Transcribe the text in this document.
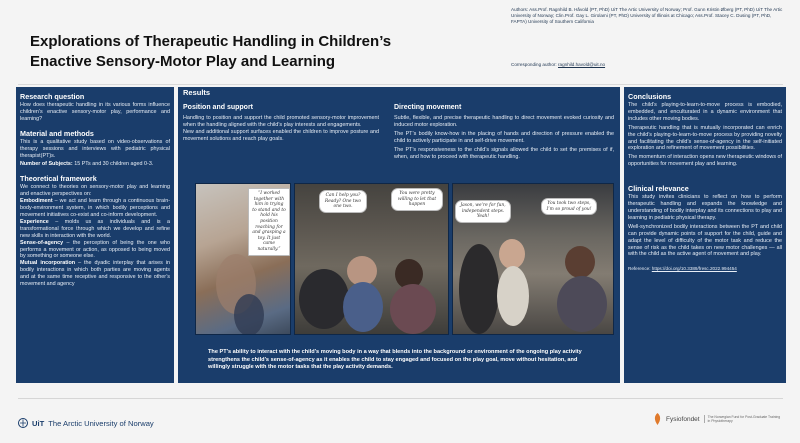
Explorations of Therapeutic Handling in Children’s
Enactive Sensory-Motor Play and Learning
Authors: Ass.Prof. Ragnhild B. Håvold (PT, PhD) UiT The Artic University of Norway; Prof. Gunn Kristin Øberg (PT, PhD) UiT The Artic University of Norway; Clin.Prof. Gay L. Girolami (PT, PhD) University of Illinois at Chicago; Ass.Prof. Stacey C. Dusing (PT, PhD, FAPTA) University of Southern California
Corresponding author: ragnhild.havold@uit.no
Research question
How does therapeutic handling in its various forms influence children’s enactive sensory-motor play, performance and learning?
Material and methods
This is a qualitative study based on video-observations of therapy sessions and interviews with pediatric physical therapist(PT)s.
Number of Subjects: 15 PTs and 30 children aged 0-3.
Theoretical framework
We connect to theories on sensory-motor play and learning and enactive perspectives on:
Embodiment – we act and learn through a continuous brain-body-environment system, in which bodily perceptions and movement initiatives co-exist and co-inform development.
Experience – molds us as individuals and is a transformational force through which we develop and refine new skills in interaction with the world.
Sense-of-agency – the perception of being the one who performs a movement or action, as opposed to being moved by something or someone else.
Mutual incorporation – the dyadic interplay that arises in bodily interactions in which both parties are moving agents and at the same time receptive and responsive to the other’s movement and agency
Results
Position and support
Handling to position and support the child promoted sensory-motor improvement when the handling aligned with the child’s play interests and engagements.
New and additional support surfaces enabled the children to improve posture and movement solutions and reach play goals.
Directing movement
Subtle, flexible, and precise therapeutic handling to direct movement evoked curiosity and induced motor exploration.
The PT’s bodily know-how in the placing of hands and direction of pressure enabled the child to actively participate in and self-drive movement.
The PT’s responsiveness to the child’s signals allowed the child to set the premises of if, when, and how to proceed with therapeutic handling.
“I worked together with him in trying to stand and to hold his position reaching for and grasping a toy. It just came naturally.”
Can I help you? Ready? One two one two.
You were pretty willing to let that happen	Jason, we’re for fun, independent steps. Yeah!
You took two steps, I’m so proud of you!
The PT’s ability to interact with the child’s moving body in a way that blends into the background or environment of the ongoing play activity strengthens the child’s sense-of-agency as it enables the child to stay engaged and focused on the play goal, move without hesitation, and willingly struggle with the motor tasks that the play activity demands.
Conclusions
The child’s playing-to-learn-to-move process is embodied, embedded, and enculturated in a dynamic environment that includes other moving bodies.
Therapeutic handling that is mutually incorporated can enrich the child’s playing-to-learn-to-move process by providing novelty and facilitating the child’s sense-of-agency in the self-initiated exploration and refinement of movement possibilities.
The momentum of interaction opens new therapeutic windows of opportunities for movement play and learning.
Clinical relevance
This study invites clinicians to reflect on how to perform therapeutic handling and expands the knowledge and understanding of bodily interplay and its connections to play and learning in pediatric physical therapy.
Well-synchronized bodily interactions between the PT and child can provide dynamic points of support for the child, guide and adapt the level of difficulty of the motor task and reduce the sense of risk as the child takes on new motor challenges — all with the child as the active agent of movement and play.
Reference: https://doi.org/10.3389/fresc.2022.994454
UiT The Arctic University of Norway	Fysiofondet	The Norwegian Fund for Post-Graduate Training in Physiotherapy
